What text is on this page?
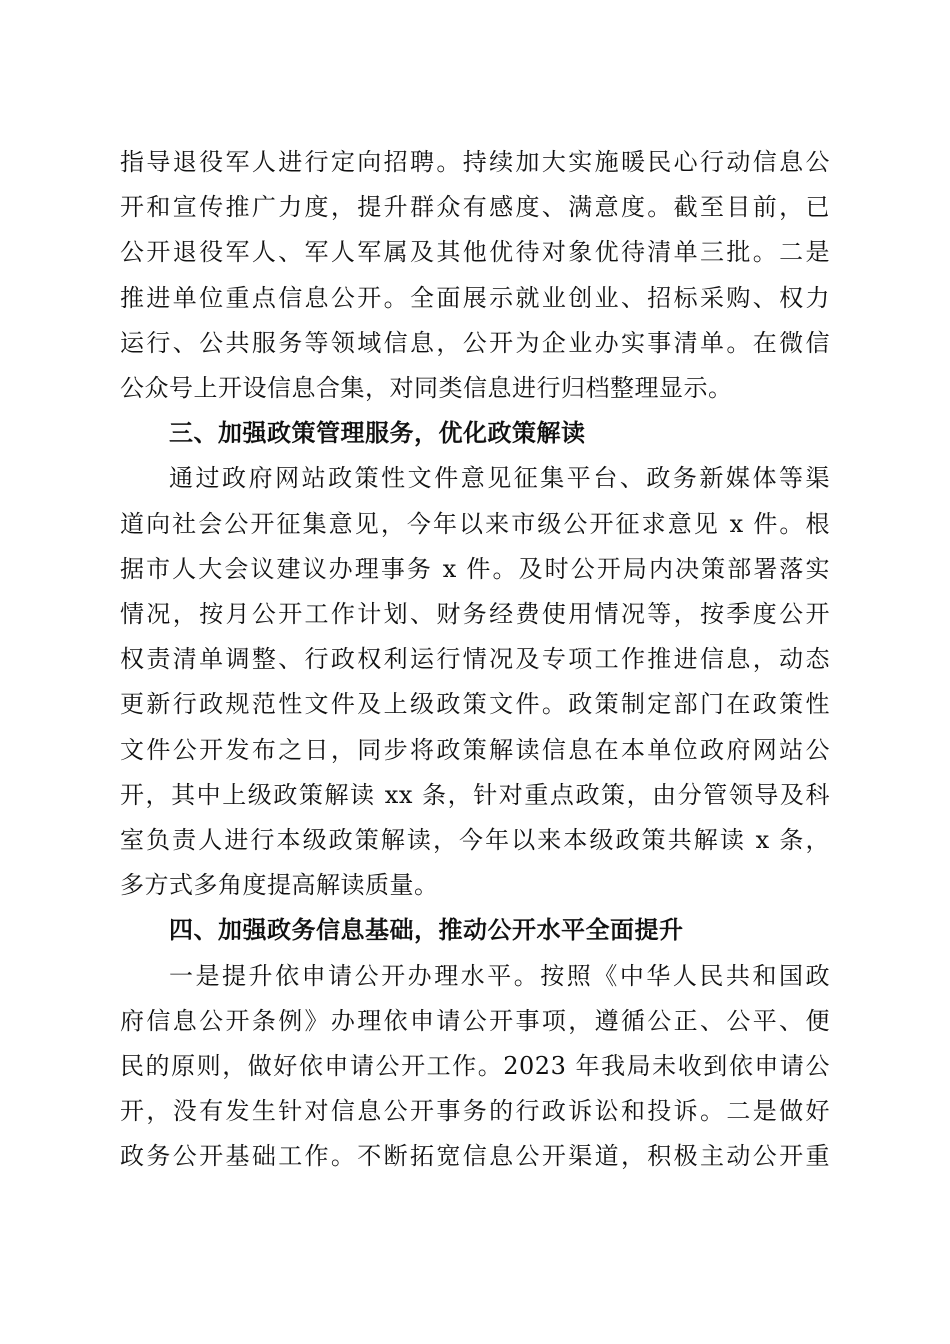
指导退役军人进行定向招聘。持续加大实施暖民心行动信息公
开和宣传推广力度，提升群众有感度、满意度。截至目前，已
公开退役军人、军人军属及其他优待对象优待清单三批。二是
推进单位重点信息公开。全面展示就业创业、招标采购、权力
运行、公共服务等领域信息，公开为企业办实事清单。在微信
公众号上开设信息合集，对同类信息进行归档整理显示。
三、加强政策管理服务，优化政策解读
通过政府网站政策性文件意见征集平台、政务新媒体等渠
道向社会公开征集意见，今年以来市级公开征求意见 x 件。根
据市人大会议建议办理事务 x 件。及时公开局内决策部署落实
情况，按月公开工作计划、财务经费使用情况等，按季度公开
权责清单调整、行政权利运行情况及专项工作推进信息，动态
更新行政规范性文件及上级政策文件。政策制定部门在政策性
文件公开发布之日，同步将政策解读信息在本单位政府网站公
开，其中上级政策解读 xx 条，针对重点政策，由分管领导及科
室负责人进行本级政策解读，今年以来本级政策共解读 x 条，
多方式多角度提高解读质量。
四、加强政务信息基础，推动公开水平全面提升
一是提升依申请公开办理水平。按照《中华人民共和国政
府信息公开条例》办理依申请公开事项，遵循公正、公平、便
民的原则，做好依申请公开工作。2023 年我局未收到依申请公
开，没有发生针对信息公开事务的行政诉讼和投诉。二是做好
政务公开基础工作。不断拓宽信息公开渠道，积极主动公开重
